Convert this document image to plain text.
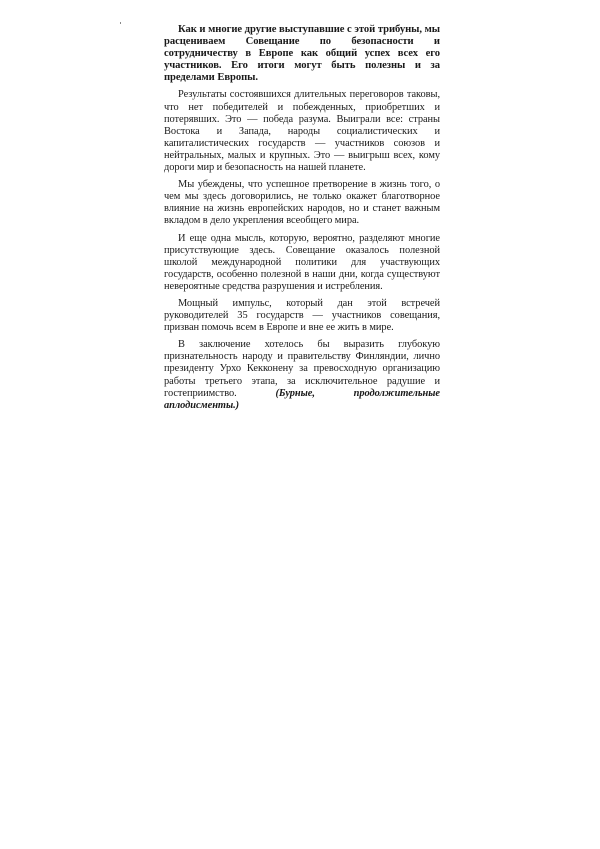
Как и многие другие выступавшие с этой трибуны, мы расцениваем Совещание по безопасности и сотрудничеству в Европе как общий успех всех его участников. Его итоги могут быть полезны и за пределами Европы.

Результаты состоявшихся длительных переговоров таковы, что нет победителей и побежденных, приобретших и потерявших. Это — победа разума. Выиграли все: страны Востока и Запада, народы социалистических и капиталистических государств — участников союзов и нейтральных, малых и крупных. Это — выигрыш всех, кому дороги мир и безопасность на нашей планете.

Мы убеждены, что успешное претворение в жизнь того, о чем мы здесь договорились, не только окажет благотворное влияние на жизнь европейских народов, но и станет важным вкладом в дело укрепления всеобщего мира.

И еще одна мысль, которую, вероятно, разделяют многие присутствующие здесь. Совещание оказалось полезной школой международной политики для участвующих государств, особенно полезной в наши дни, когда существуют невероятные средства разрушения и истребления.

Мощный импульс, который дан этой встречей руководителей 35 государств — участников совещания, призван помочь всем в Европе и вне ее жить в мире.

В заключение хотелось бы выразить глубокую признательность народу и правительству Финляндии, лично президенту Урхо Кекконену за превосходную организацию работы третьего этапа, за исключительное радушие и гостеприимство.	(Бурные, продолжительные аплодисменты.)
